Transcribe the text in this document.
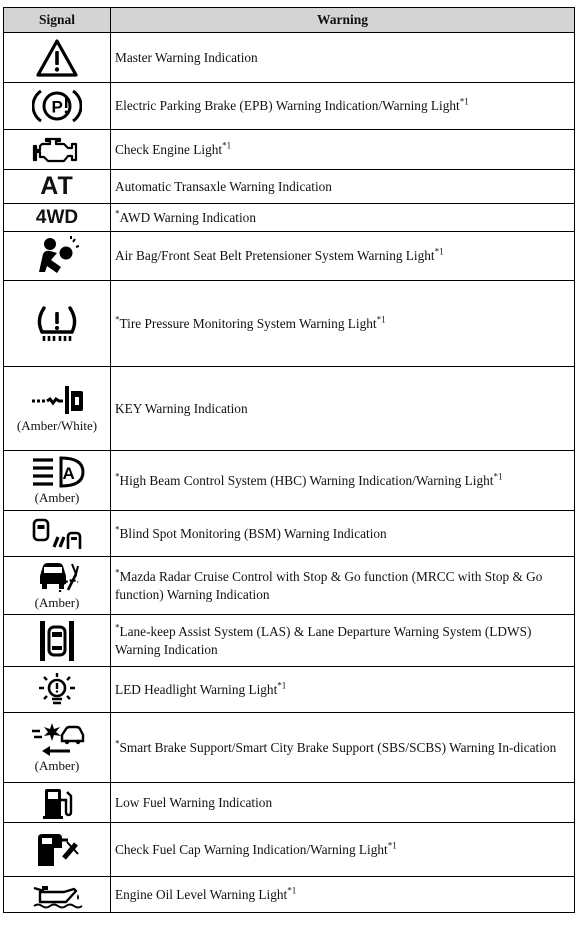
Signal	Warning

	Master Warning Indication

P	Electric Parking Brake (EPB) Warning Indication/Warning Light$^{*1}$

	Check Engine Light$^{*1}$
AT	Automatic Transaxle Warning Indication
4WD	*AWD Warning Indication

	Air Bag/Front Seat Belt Pretensioner System Warning Light$^{*1}$

	*Tire Pressure Monitoring System Warning Light$^{*1}$

(Amber/White)	KEY Warning Indication

A
(Amber)	*High Beam Control System (HBC) Warning Indication/Warning Light$^{*1}$

	*Blind Spot Monitoring (BSM) Warning Indication

(Amber)	*Mazda Radar Cruise Control with Stop & Go function (MRCC with Stop & Go function) Warning Indication

	*Lane-keep Assist System (LAS) & Lane Departure Warning System (LDWS) Warning Indication

	LED Headlight Warning Light$^{*1}$

(Amber)	*Smart Brake Support/Smart City Brake Support (SBS/SCBS) Warning In-dication

	Low Fuel Warning Indication

	Check Fuel Cap Warning Indication/Warning Light$^{*1}$

	Engine Oil Level Warning Light$^{*1}$
